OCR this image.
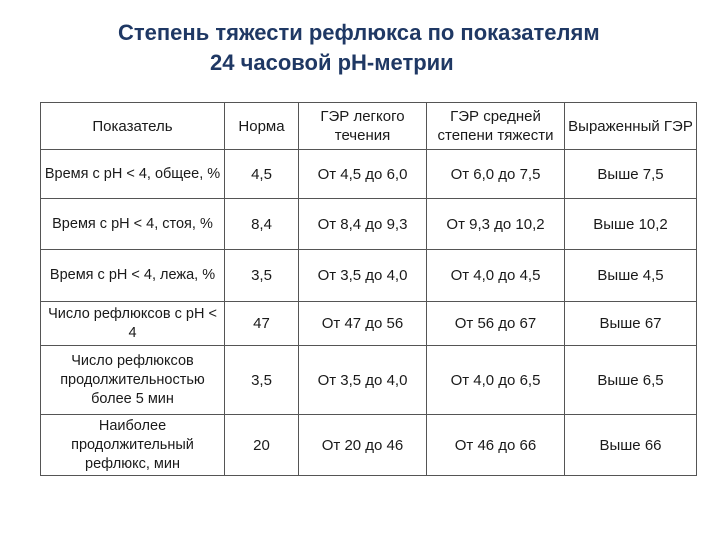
Степень тяжести рефлюкса по показателям
24 часовой рН-метрии
Показатель	Норма	ГЭР легкого течения	ГЭР средней степени тяжести	Выраженный ГЭР
Время с рН < 4, общее, %	4,5	От 4,5 до 6,0	От 6,0 до 7,5	Выше 7,5
Время с рН < 4, стоя, %	8,4	От 8,4 до 9,3	От 9,3 до 10,2	Выше 10,2
Время с рН < 4, лежа, %	3,5	От 3,5 до 4,0	От 4,0 до 4,5	Выше 4,5
Число рефлюксов с рН < 4	47	От 47 до 56	От 56 до 67	Выше 67
Число рефлюксов продолжительностью более 5 мин	3,5	От 3,5 до 4,0	От 4,0 до 6,5	Выше 6,5
Наиболее продолжительный рефлюкс, мин	20	От 20 до 46	От 46 до 66	Выше 66
